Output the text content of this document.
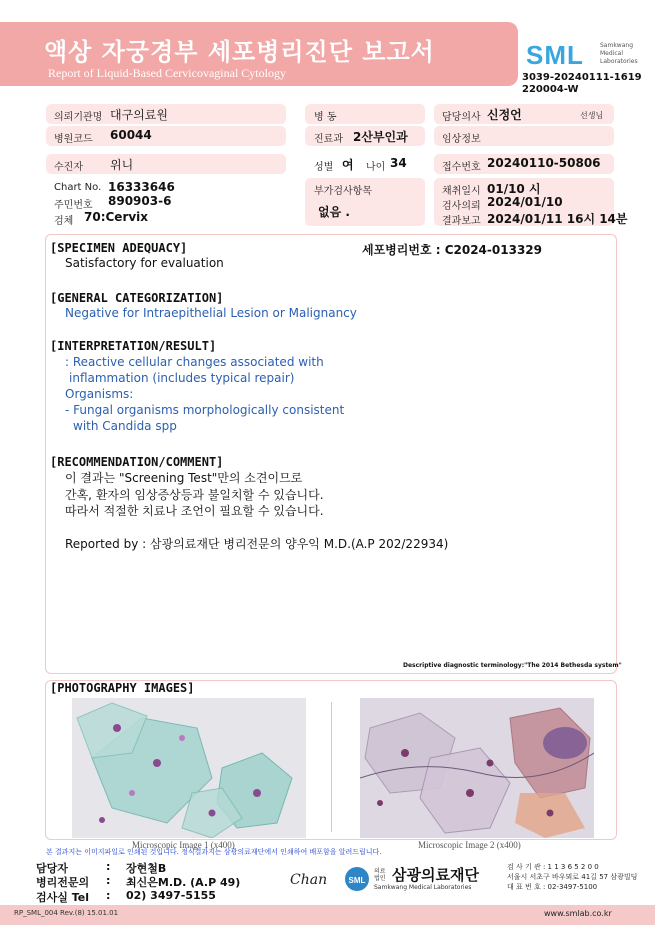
액상 자궁경부 세포병리진단 보고서
Report of Liquid-Based Cervicovaginal Cytology
SML	Samkwang Medical Laboratories
3039-20240111-1619
220004-W
의뢰기관명 대구의료원	병 동	담당의사 신정언	선생님
병원코드 60044	진료과 2산부인과	임상정보
수진자 위니	성별 여 나이 34	접수번호 20240110-50806
Chart No. 16333646
주민번호 890903-6
검체 70:Cervix
부가검사항목
없음 .
채취일시 01/10 시
검사의뢰 2024/01/10
결과보고 2024/01/11 16시 14분
[SPECIMEN ADEQUACY]
Satisfactory for evaluation
세포병리번호 : C2024-013329
[GENERAL CATEGORIZATION]
Negative for Intraepithelial Lesion or Malignancy
[INTERPRETATION/RESULT]
: Reactive cellular changes associated with
inflammation (includes typical repair)
Organisms:
- Fungal organisms morphologically consistent
with Candida spp
[RECOMMENDATION/COMMENT]
이 결과는 "Screening Test"만의 소견이므로
간혹, 환자의 임상증상등과 불일치할 수 있습니다.
따라서 적절한 치료나 조언이 필요할 수 있습니다.
Reported by : 삼광의료재단 병리전문의 양우익 M.D.(A.P 202/22934)
Descriptive diagnostic terminology:"The 2014 Bethesda system"
[PHOTOGRAPHY IMAGES]
Microscopic Image 1 (x400)	Microscopic Image 2 (x400)
본 결과지는 이미지파일로 인쇄된 것입니다. 정식결과지는 삼광의료재단에서 인쇄하여 배포함을 알려드립니다.
담당자	: 장현철B
병리전문의 : 최신은M.D. (A.P 49)
검사실 Tel : 02) 3497-5155
Chan	SML
의료 법인 삼광의료재단
Samkwang Medical Laboratories
검 사 기 관 : 1 1 3 6 5 2 0 0
서울시 서초구 바우뫼로 41길 57 삼광빌딩
대 표 번 호 : 02-3497-5100
RP_SML_004 Rev.(8) 15.01.01	www.smlab.co.kr
